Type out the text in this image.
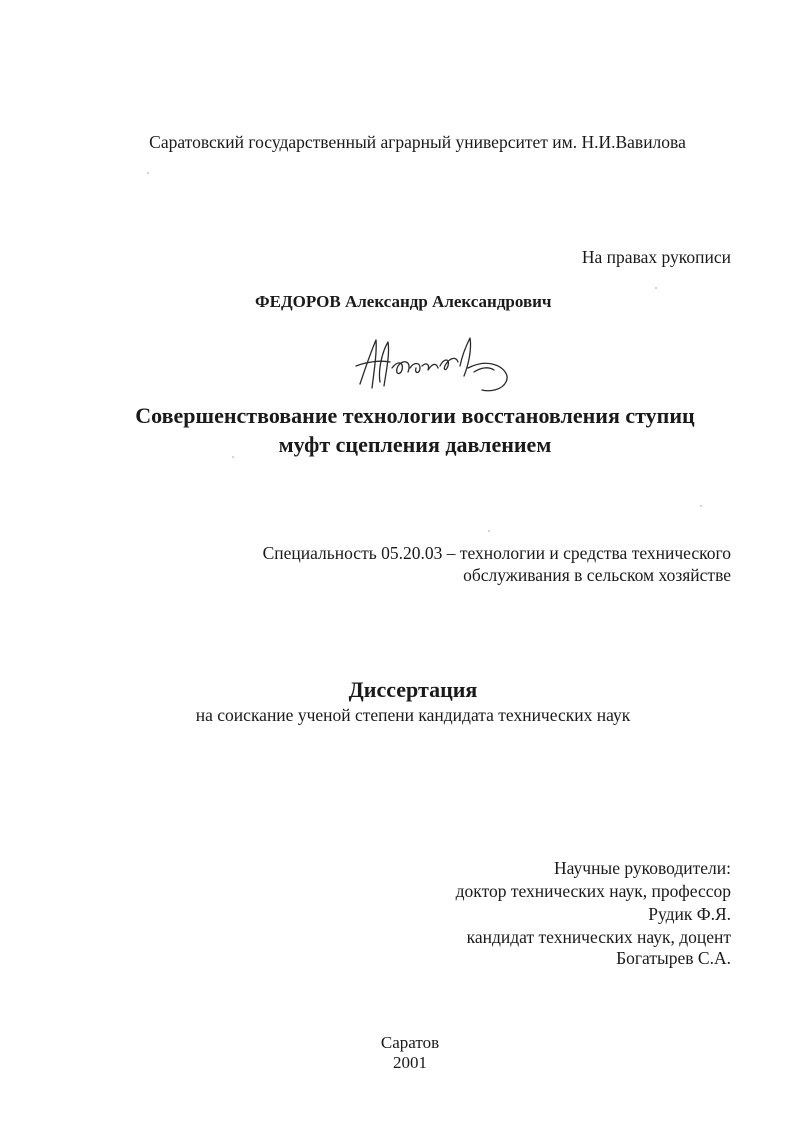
Саратовский государственный аграрный университет им. Н.И.Вавилова
На правах рукописи
ФЕДОРОВ Александр Александрович
Совершенствование технологии восстановления ступиц
муфт сцепления давлением
Специальность 05.20.03 – технологии и средства технического
обслуживания в сельском хозяйстве
Диссертация
на соискание ученой степени кандидата технических наук
Научные руководители:
доктор технических наук, профессор
Рудик Ф.Я.
кандидат технических наук, доцент
Богатырев С.А.
Саратов
2001
